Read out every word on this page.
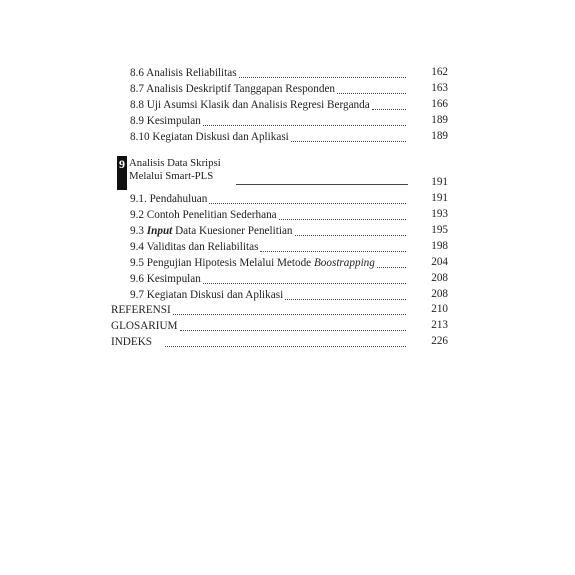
8.6 Analisis Reliabilitas	162
8.7 Analisis Deskriptif Tanggapan Responden	163
8.8 Uji Asumsi Klasik dan Analisis Regresi Berganda	166
8.9 Kesimpulan	189
8.10 Kegiatan Diskusi dan Aplikasi	189
9 Analisis Data Skripsi
Melalui Smart-PLS	191
9.1. Pendahuluan	191
9.2 Contoh Penelitian Sederhana	193
9.3 Input Data Kuesioner Penelitian	195
9.4 Validitas dan Reliabilitas	198
9.5 Pengujian Hipotesis Melalui Metode Boostrapping	204
9.6 Kesimpulan	208
9.7 Kegiatan Diskusi dan Aplikasi	208
REFERENSI	210
GLOSARIUM	213
INDEKS	226
